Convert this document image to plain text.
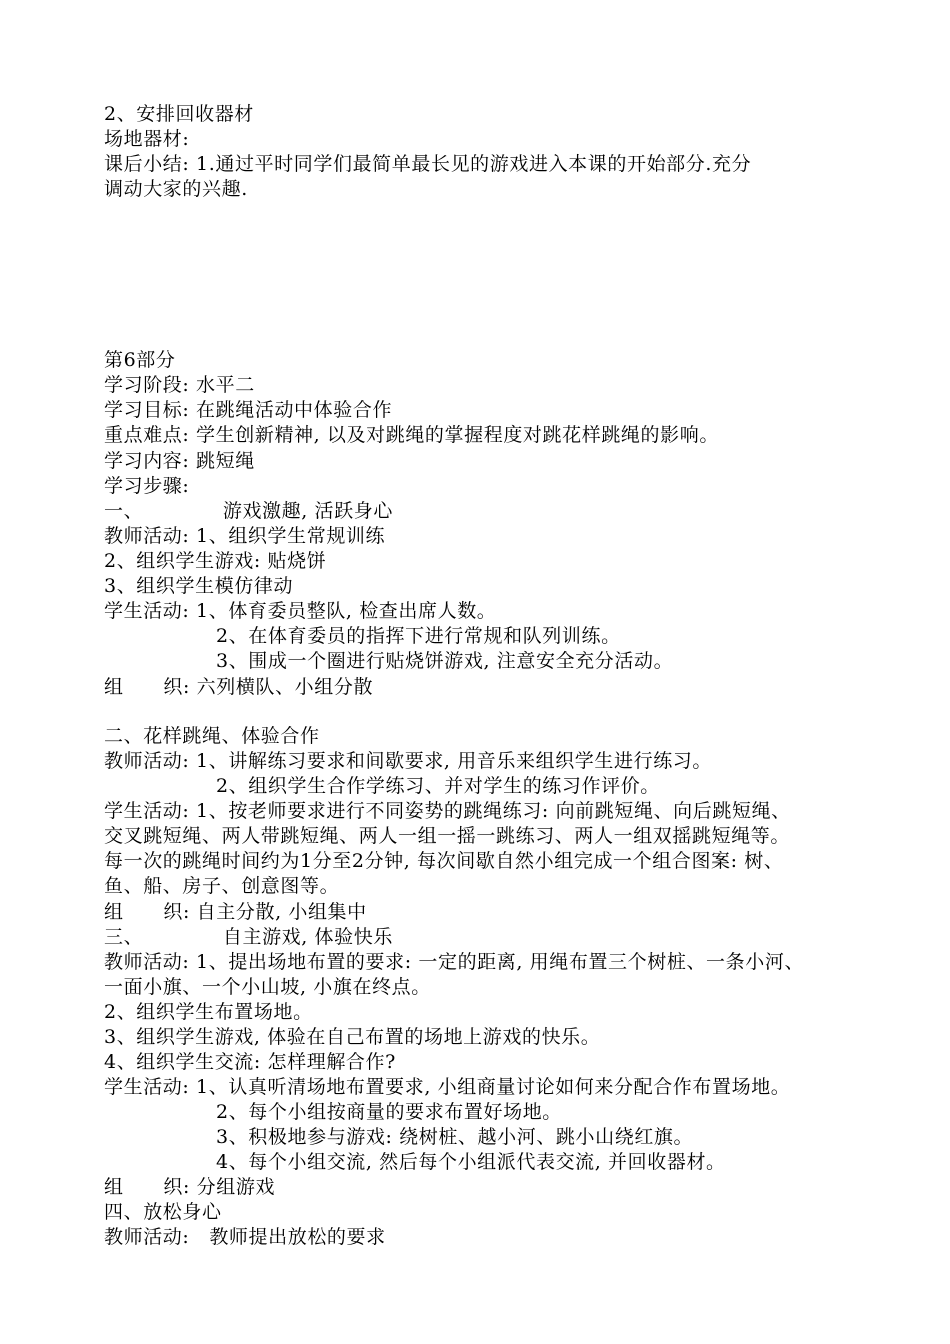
2、安排回收器材
场地器材:
课后小结: 1.通过平时同学们最简单最长见的游戏进入本课的开始部分.充分
调动大家的兴趣.
第6部分
学习阶段: 水平二
学习目标: 在跳绳活动中体验合作
重点难点: 学生创新精神, 以及对跳绳的掌握程度对跳花样跳绳的影响。
学习内容: 跳短绳
学习步骤:
一、            游戏激趣, 活跃身心
教师活动: 1、组织学生常规训练
2、组织学生游戏: 贴烧饼
3、组织学生模仿律动
学生活动: 1、体育委员整队, 检查出席人数。
2、在体育委员的指挥下进行常规和队列训练。
3、围成一个圈进行贴烧饼游戏, 注意安全充分活动。
组      织: 六列横队、小组分散
二、花样跳绳、体验合作
教师活动: 1、讲解练习要求和间歇要求, 用音乐来组织学生进行练习。
2、组织学生合作学练习、并对学生的练习作评价。
学生活动: 1、按老师要求进行不同姿势的跳绳练习: 向前跳短绳、向后跳短绳、
交叉跳短绳、两人带跳短绳、两人一组一摇一跳练习、两人一组双摇跳短绳等。
每一次的跳绳时间约为1分至2分钟, 每次间歇自然小组完成一个组合图案: 树、
鱼、船、房子、创意图等。
组      织: 自主分散, 小组集中
三、            自主游戏, 体验快乐
教师活动: 1、提出场地布置的要求: 一定的距离, 用绳布置三个树桩、一条小河、
一面小旗、一个小山坡, 小旗在终点。
2、组织学生布置场地。
3、组织学生游戏, 体验在自己布置的场地上游戏的快乐。
4、组织学生交流: 怎样理解合作?
学生活动: 1、认真听清场地布置要求, 小组商量讨论如何来分配合作布置场地。
2、每个小组按商量的要求布置好场地。
3、积极地参与游戏: 绕树桩、越小河、跳小山绕红旗。
4、每个小组交流, 然后每个小组派代表交流, 并回收器材。
组      织: 分组游戏
四、放松身心
教师活动:   教师提出放松的要求
